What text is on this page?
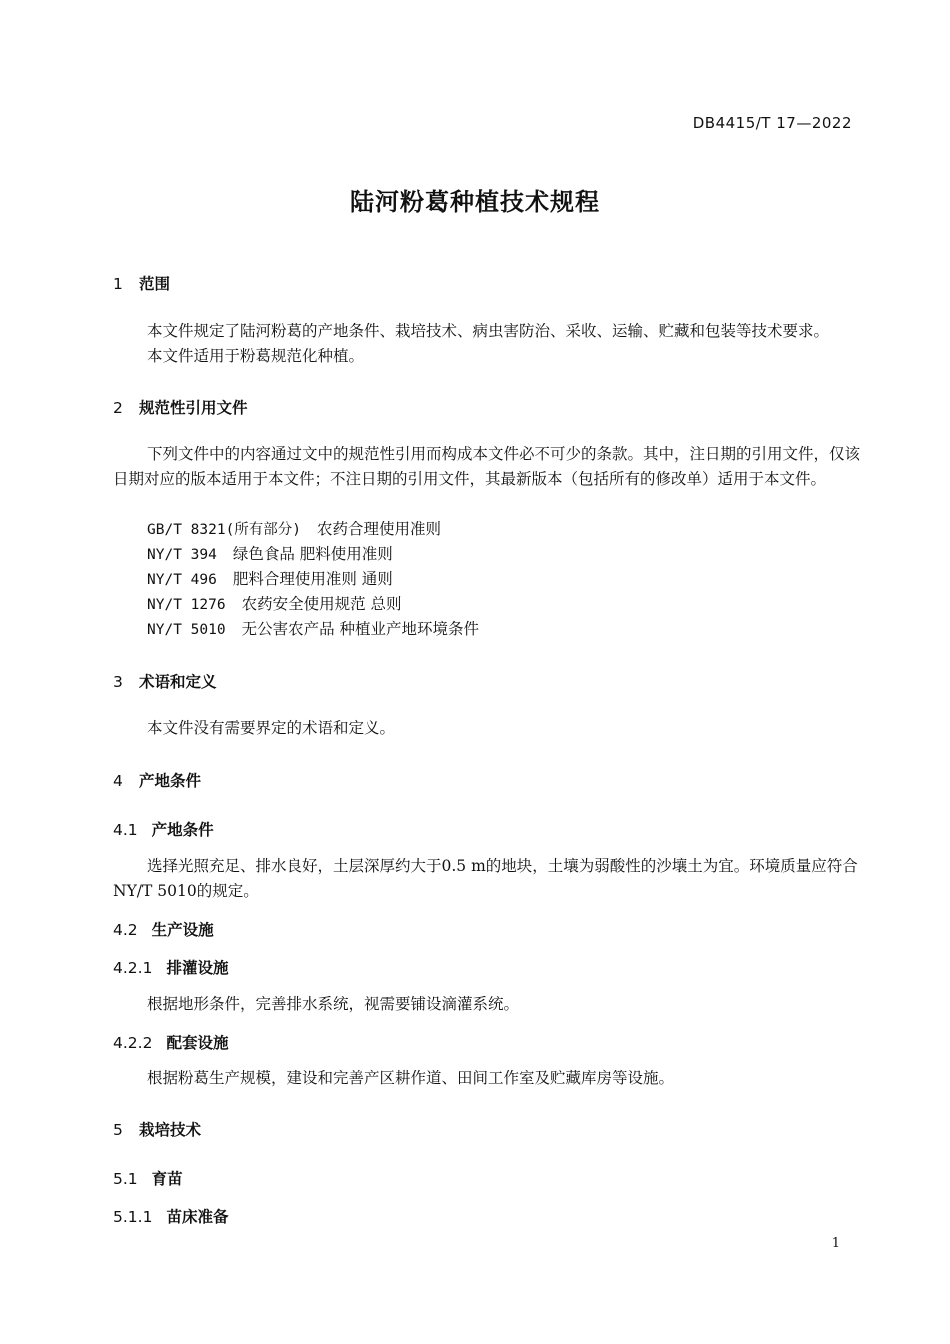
DB4415/T 17—2022
陆河粉葛种植技术规程
1 范围
本文件规定了陆河粉葛的产地条件、栽培技术、病虫害防治、采收、运输、贮藏和包装等技术要求。
本文件适用于粉葛规范化种植。
2 规范性引用文件
下列文件中的内容通过文中的规范性引用而构成本文件必不可少的条款。其中，注日期的引用文件，仅该日期对应的版本适用于本文件；不注日期的引用文件，其最新版本（包括所有的修改单）适用于本文件。
GB/T 8321(所有部分) 农药合理使用准则
NY/T 394 绿色食品 肥料使用准则
NY/T 496 肥料合理使用准则 通则
NY/T 1276 农药安全使用规范 总则
NY/T 5010 无公害农产品 种植业产地环境条件
3 术语和定义
本文件没有需要界定的术语和定义。
4 产地条件
4.1 产地条件
选择光照充足、排水良好，土层深厚约大于0.5 m的地块，土壤为弱酸性的沙壤土为宜。环境质量应符合NY/T 5010的规定。
4.2 生产设施
4.2.1 排灌设施
根据地形条件，完善排水系统，视需要铺设滴灌系统。
4.2.2 配套设施
根据粉葛生产规模，建设和完善产区耕作道、田间工作室及贮藏库房等设施。
5 栽培技术
5.1 育苗
5.1.1 苗床准备
1
